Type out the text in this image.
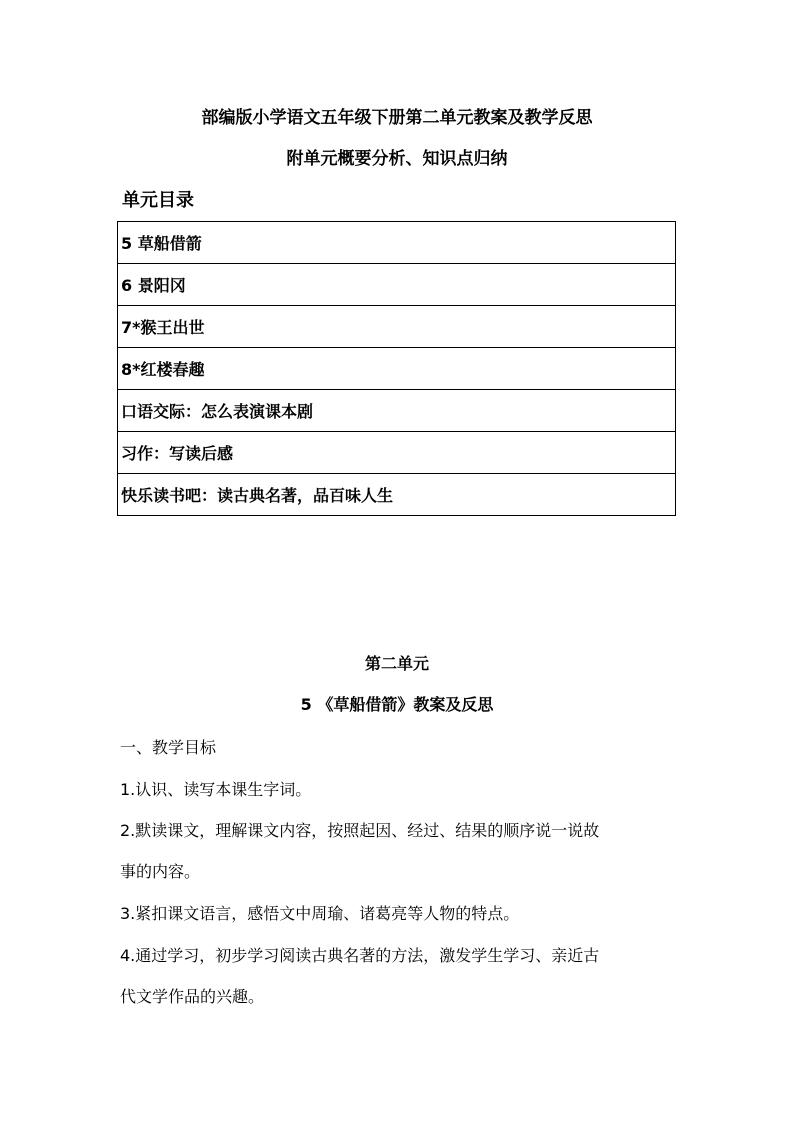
部编版小学语文五年级下册第二单元教案及教学反思
附单元概要分析、知识点归纳
单元目录
5 草船借箭
6 景阳冈
7*猴王出世
8*红楼春趣
口语交际：怎么表演课本剧
习作：写读后感
快乐读书吧：读古典名著，品百味人生
第二单元
5 《草船借箭》教案及反思
一、教学目标
1.认识、读写本课生字词。
2.默读课文，理解课文内容，按照起因、经过、结果的顺序说一说故
事的内容。
3.紧扣课文语言，感悟文中周瑜、诸葛亮等人物的特点。
4.通过学习，初步学习阅读古典名著的方法，激发学生学习、亲近古
代文学作品的兴趣。
